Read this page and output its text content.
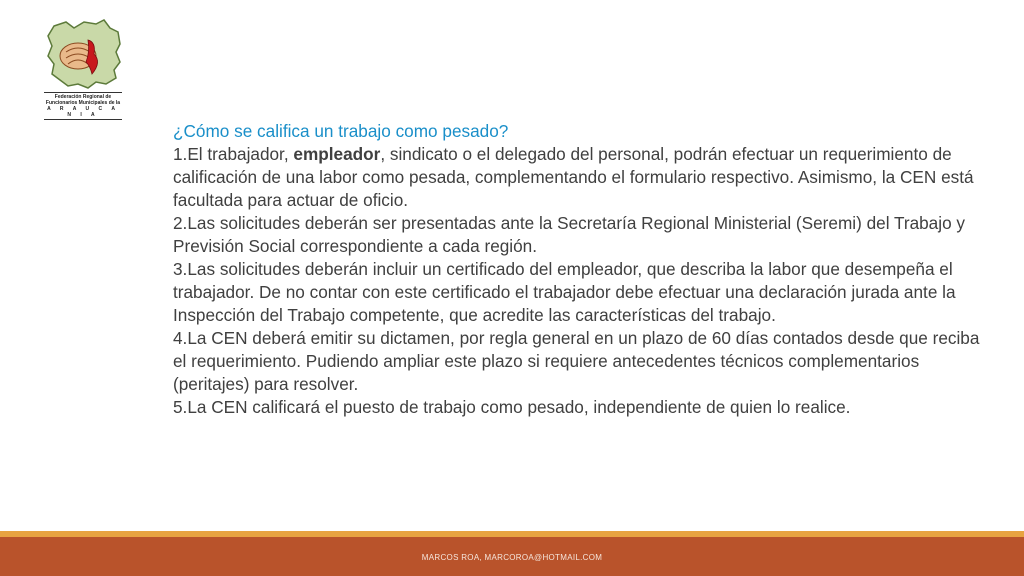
Federación Regional de
Funcionarios Municipales de la
A R A U C A N I A

¿Cómo se califica un trabajo como pesado?

1.El trabajador, empleador, sindicato o el delegado del personal, podrán efectuar un requerimiento de calificación de una labor como pesada, complementando el formulario respectivo. Asimismo, la CEN está facultada para actuar de oficio.

2.Las solicitudes deberán ser presentadas ante la Secretaría Regional Ministerial (Seremi) del Trabajo y Previsión Social correspondiente a cada región.

3.Las solicitudes deberán incluir un certificado del empleador, que describa la labor que desempeña el trabajador. De no contar con este certificado el trabajador debe efectuar una declaración jurada ante la Inspección del Trabajo competente, que acredite las características del trabajo.

4.La CEN deberá emitir su dictamen, por regla general en un plazo de 60 días contados desde que reciba el requerimiento. Pudiendo ampliar este plazo si requiere antecedentes técnicos complementarios (peritajes) para resolver.

5.La CEN calificará el puesto de trabajo como pesado, independiente de quien lo realice.

MARCOS ROA, MARCOROA@HOTMAIL.COM
